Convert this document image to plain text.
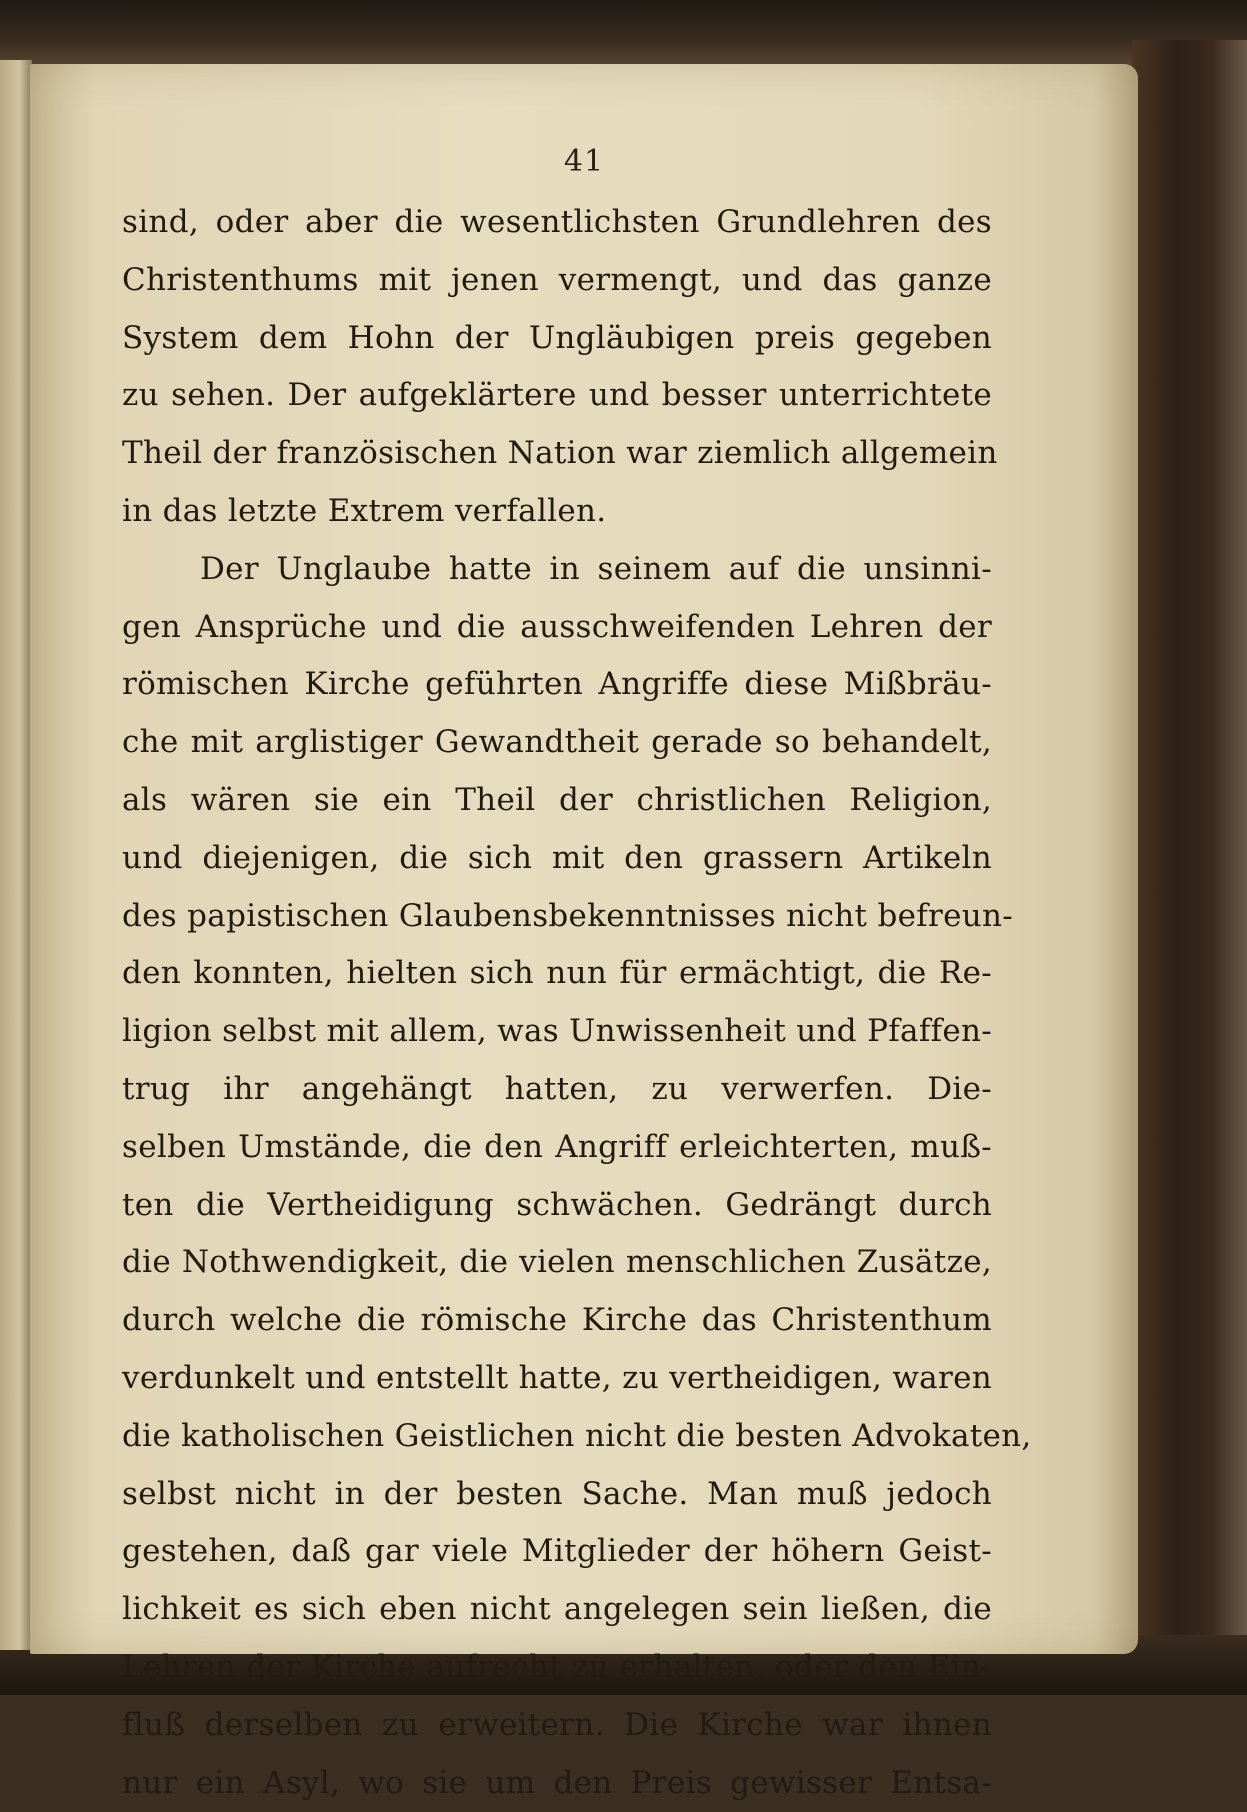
41
sind, oder aber die wesentlichsten Grundlehren des
Christenthums mit jenen vermengt, und das ganze
System dem Hohn der Ungläubigen preis gegeben
zu sehen. Der aufgeklärtere und besser unterrichtete
Theil der französischen Nation war ziemlich allgemein
in das letzte Extrem verfallen.
Der Unglaube hatte in seinem auf die unsinni-
gen Ansprüche und die ausschweifenden Lehren der
römischen Kirche geführten Angriffe diese Mißbräu-
che mit arglistiger Gewandtheit gerade so behandelt,
als wären sie ein Theil der christlichen Religion,
und diejenigen, die sich mit den grassern Artikeln
des papistischen Glaubensbekenntnisses nicht befreun-
den konnten, hielten sich nun für ermächtigt, die Re-
ligion selbst mit allem, was Unwissenheit und Pfaffen-
trug ihr angehängt hatten, zu verwerfen. Die-
selben Umstände, die den Angriff erleichterten, muß-
ten die Vertheidigung schwächen. Gedrängt durch
die Nothwendigkeit, die vielen menschlichen Zusätze,
durch welche die römische Kirche das Christenthum
verdunkelt und entstellt hatte, zu vertheidigen, waren
die katholischen Geistlichen nicht die besten Advokaten,
selbst nicht in der besten Sache. Man muß jedoch
gestehen, daß gar viele Mitglieder der höhern Geist-
lichkeit es sich eben nicht angelegen sein ließen, die
Lehren der Kirche aufrecht zu erhalten, oder den Ein-
fluß derselben zu erweitern. Die Kirche war ihnen
nur ein Asyl, wo sie um den Preis gewisser Entsa-
